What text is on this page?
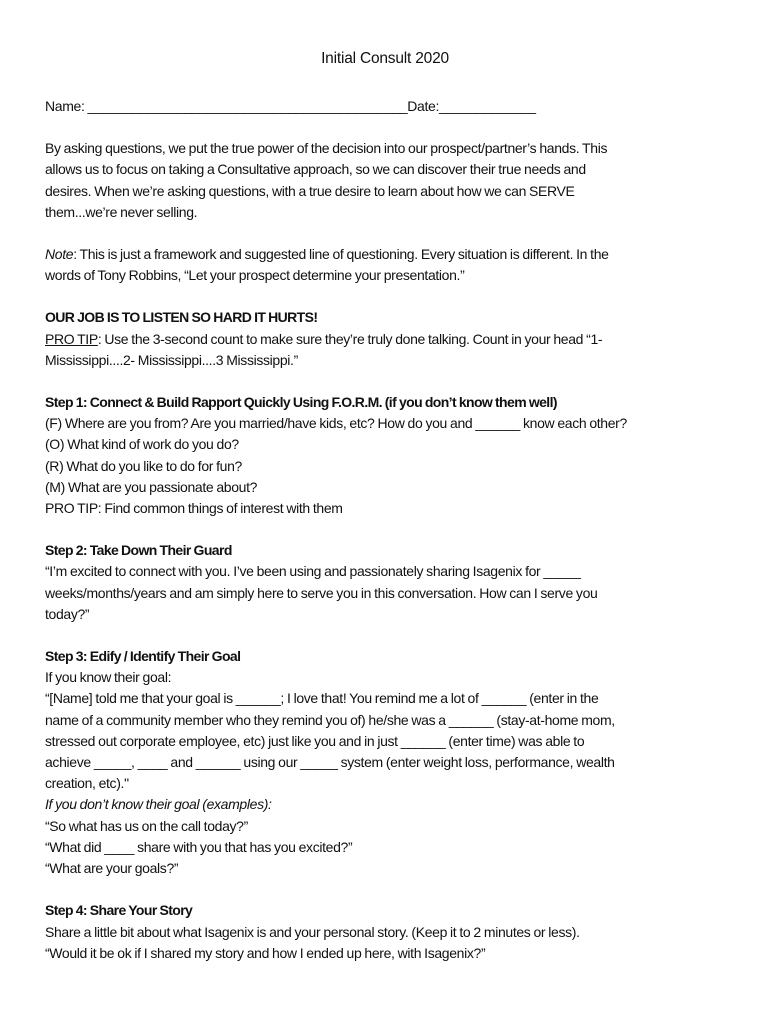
Initial Consult 2020
Name: ___________________________________________Date:_____________
By asking questions, we put the true power of the decision into our prospect/partner’s hands. This
allows us to focus on taking a Consultative approach, so we can discover their true needs and
desires. When we’re asking questions, with a true desire to learn about how we can SERVE
them...we’re never selling.
Note: This is just a framework and suggested line of questioning. Every situation is different. In the
words of Tony Robbins, “Let your prospect determine your presentation.”
OUR JOB IS TO LISTEN SO HARD IT HURTS!
PRO TIP: Use the 3-second count to make sure they’re truly done talking. Count in your head “1-
Mississippi....2- Mississippi....3 Mississippi.”
Step 1: Connect & Build Rapport Quickly Using F.O.R.M. (if you don’t know them well)
(F) Where are you from? Are you married/have kids, etc? How do you and ______ know each other?
(O) What kind of work do you do?
(R) What do you like to do for fun?
(M) What are you passionate about?
PRO TIP: Find common things of interest with them
Step 2: Take Down Their Guard
“I’m excited to connect with you. I’ve been using and passionately sharing Isagenix for _____
weeks/months/years and am simply here to serve you in this conversation. How can I serve you
today?”
Step 3: Edify / Identify Their Goal
If you know their goal:
“[Name] told me that your goal is ______; I love that! You remind me a lot of ______ (enter in the
name of a community member who they remind you of) he/she was a ______ (stay-at-home mom,
stressed out corporate employee, etc) just like you and in just ______ (enter time) was able to
achieve _____, ____ and ______ using our _____ system (enter weight loss, performance, wealth
creation, etc)."
If you don’t know their goal (examples):
“So what has us on the call today?”
“What did ____ share with you that has you excited?”
“What are your goals?”
Step 4: Share Your Story
Share a little bit about what Isagenix is and your personal story. (Keep it to 2 minutes or less).
“Would it be ok if I shared my story and how I ended up here, with Isagenix?”
